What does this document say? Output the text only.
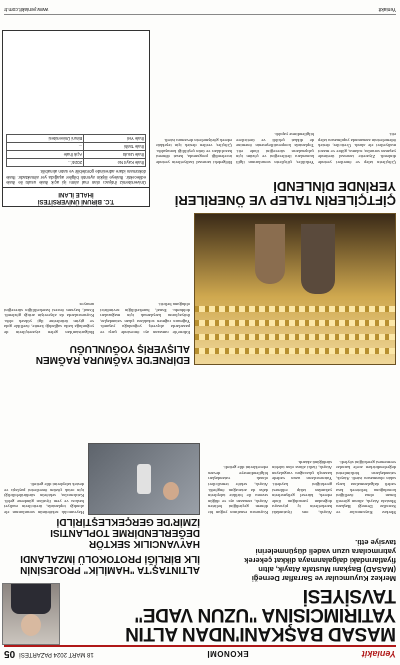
Yeniakit
EKONOMİ
18 MART 2024 PAZARTESİ
05
MASAD BAŞKANI'NDAN ALTIN YATIRIMCISINA "UZUN VADE" TAVSİYESİ
Merkez Kuyumcular ve Sarraflar Derneği (MASAD) Başkanı Mustafa Atayık, altın fiyatlarındaki dalgalanmaya dikkat çekerek yatırımcılara uzun vadeli düşünmelerini tavsiye etti.
Merkez Kuyumcular ve Sarraflar Derneği Başkanı Mustafa Atayık, altının güvenli liman olma özelliğini koruduğunu belirterek kısa vadeli dalgalanmalara karşı sakin olunmasını istedi. Atayık, vatandaşların birikimlerini değerlendirirken acele kararlar vermemesi gerektiğini söyledi.
Atayık, ons fiyatındaki hareketlerin iç piyasaya doğrudan yansıdığını ifade ederek, küresel gelişmelerin yakından takip edilmesi gerektiğini kaydetti. Yatırımcıların uzun vadede kazançlı çıkacağını vurgulayan Atayık, fiziki altına olan talebin sürdüğünü aktardı.
Kuyumcu esnafının yoğun bir dönem geçirdiğini belirten Atayık, ramazan ayı ve düğün sezonu ile birlikte taleplerin daha da artacağını öngördü. Atayık, sektör temsilcileri olarak vatandaşları bilgilendirmeye devam edeceklerini dile getirdi.
ALTINTAŞ'TA "HAMİLİK" PROJESİNİN İLK BİRLİĞİ PROTOKOLÜ İMZALANDI
HAYVANCILIK SEKTÖR DEĞERLENDİRME TOPLANTISI İZMİR'DE GERÇEKLEŞTİRİLDİ
Hayvancılık sektörünün sorunlarının ele alındığı toplantıda, üreticilerin maliyet baskısı ve yem fiyatları gündeme geldi. Katılımcılar, sektörün sürdürülebilirliği için ortak çözüm önerilerini paylaştı ve destek taleplerini dile getirdi.
EDİRNE'DE YAĞMURA RAĞMEN ALIŞVERİŞ YOĞUNLUĞU
Edirne'de ramazan ayı öncesinde çarşı ve pazarlarda alışveriş yoğunluğu yaşandı. Yağmura rağmen sokaklara çıkan vatandaşlar, ihtiyaçlarını karşılamak için mağazaları doldurdu. Esnaf, hareketliliğin sevindirici olduğunu belirtti.
Bulgaristan'dan gelen ziyaretçilerin de yoğunluğa katkı sağladığı kentte, özellikle gıda ve giyim ürünlerine ilgi yüksek oldu. Kuyumcularda da alışverişin arttığı gözlendi. Esnaf, bayram öncesi hareketliliğin süreceğini umuyor.
ÇİFTÇİLERİN TALEP VE ÖNERİLERİ YERİNDE DİNLENDİ
Çiftçilerin talep ve önerileri yerinde dinlendi. Ziyarette tarımsal üretimde yaşanan sorunlar, sulama, gübre ve mazot maliyetleri ele alındı. Üreticiler, destek ödemelerinin zamanında yapılmasını talep etti.
Yetkililer, çiftçilerin sorunlarının ilgili kurumlara iletileceğini ve çözüm için çalışmaların süreceğini ifade etti. Toplantıda kooperatifleşmenin önemine de dikkat çekildi ve üreticilere bilgilendirme yapıldı.
Bölgedeki tarımsal faaliyetlerin yerinde incelendiği programda, hasat dönemi hazırlıkları ve ürün çeşitliliği konuşuldu. Çiftçiler, verilen destek için teşekkür ederek görüşmelerin devamını istedi.
T.C. BİRUNİ ÜNİVERSİTESİ
İHALE İLANI
Üniversitemiz ihtiyacı olan mal alımı işi açık ihale usulü ile ihale edilecektir. İhaleye ilişkin ayrıntılı bilgiler aşağıda yer almaktadır. İhale dokümanı idare adresinde görülebilir ve satın alınabilir.
İhale Kayıt No	2024/...
İhale Usulü	Açık İhale
İhale Tarihi	...
İhale Yeri	Biruni Üniversitesi
Yeniakit
www.yeniakit.com.tr
